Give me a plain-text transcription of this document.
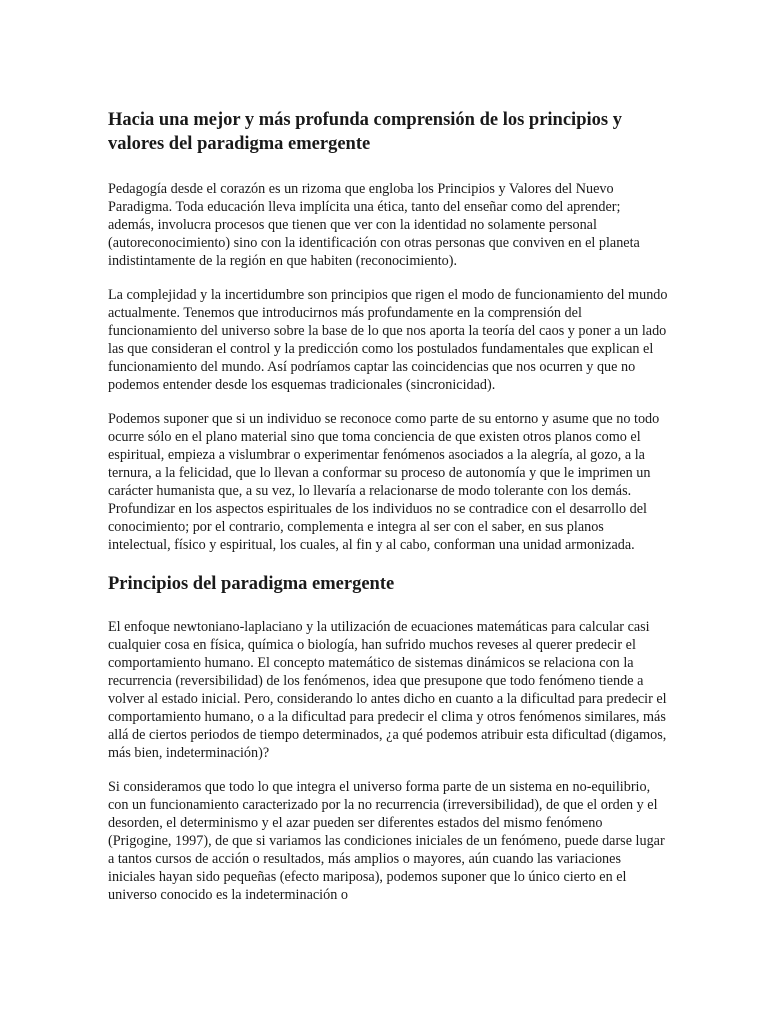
Hacia una mejor y más profunda comprensión de los principios y valores del paradigma emergente

Pedagogía desde el corazón es un rizoma que engloba los Principios y Valores del Nuevo Paradigma. Toda educación lleva implícita una ética, tanto del enseñar como del aprender; además, involucra procesos que tienen que ver con la identidad no solamente personal (autoreconocimiento) sino con la identificación con otras personas que conviven en el planeta indistintamente de la región en que habiten (reconocimiento).

La complejidad y la incertidumbre son principios que rigen el modo de funcionamiento del mundo actualmente. Tenemos que introducirnos más profundamente en la comprensión del funcionamiento del universo sobre la base de lo que nos aporta la teoría del caos y poner a un lado las que consideran el control y la predicción como los postulados fundamentales que explican el funcionamiento del mundo. Así podríamos captar las coincidencias que nos ocurren y que no podemos entender desde los esquemas tradicionales (sincronicidad).

Podemos suponer que si un individuo se reconoce como parte de su entorno y asume que no todo ocurre sólo en el plano material sino que toma conciencia de que existen otros planos como el espiritual, empieza a vislumbrar o experimentar fenómenos asociados a la alegría, al gozo, a la ternura, a la felicidad, que lo llevan a conformar su proceso de autonomía y que le imprimen un carácter humanista que, a su vez, lo llevaría a relacionarse de modo tolerante con los demás.

Profundizar en los aspectos espirituales de los individuos no se contradice con el desarrollo del conocimiento; por el contrario, complementa e integra al ser con el saber, en sus planos intelectual, físico y espiritual, los cuales, al fin y al cabo, conforman una unidad armonizada.

Principios del paradigma emergente

El enfoque newtoniano-laplaciano y la utilización de ecuaciones matemáticas para calcular casi cualquier cosa en física, química o biología, han sufrido muchos reveses al querer predecir el comportamiento humano. El concepto matemático de sistemas dinámicos se relaciona con la recurrencia (reversibilidad) de los fenómenos, idea que presupone que todo fenómeno tiende a volver al estado inicial. Pero, considerando lo antes dicho en cuanto a la dificultad para predecir el comportamiento humano, o a la dificultad para predecir el clima y otros fenómenos similares, más allá de ciertos periodos de tiempo determinados, ¿a qué podemos atribuir esta dificultad (digamos, más bien, indeterminación)?

Si consideramos que todo lo que integra el universo forma parte de un sistema en no-equilibrio, con un funcionamiento caracterizado por la no recurrencia (irreversibilidad), de que el orden y el desorden, el determinismo y el azar pueden ser diferentes estados del mismo fenómeno (Prigogine, 1997), de que si variamos las condiciones iniciales de un fenómeno, puede darse lugar a tantos cursos de acción o resultados, más amplios o mayores, aún cuando las variaciones iniciales hayan sido pequeñas (efecto mariposa), podemos suponer que lo único cierto en el universo conocido es la indeterminación o
